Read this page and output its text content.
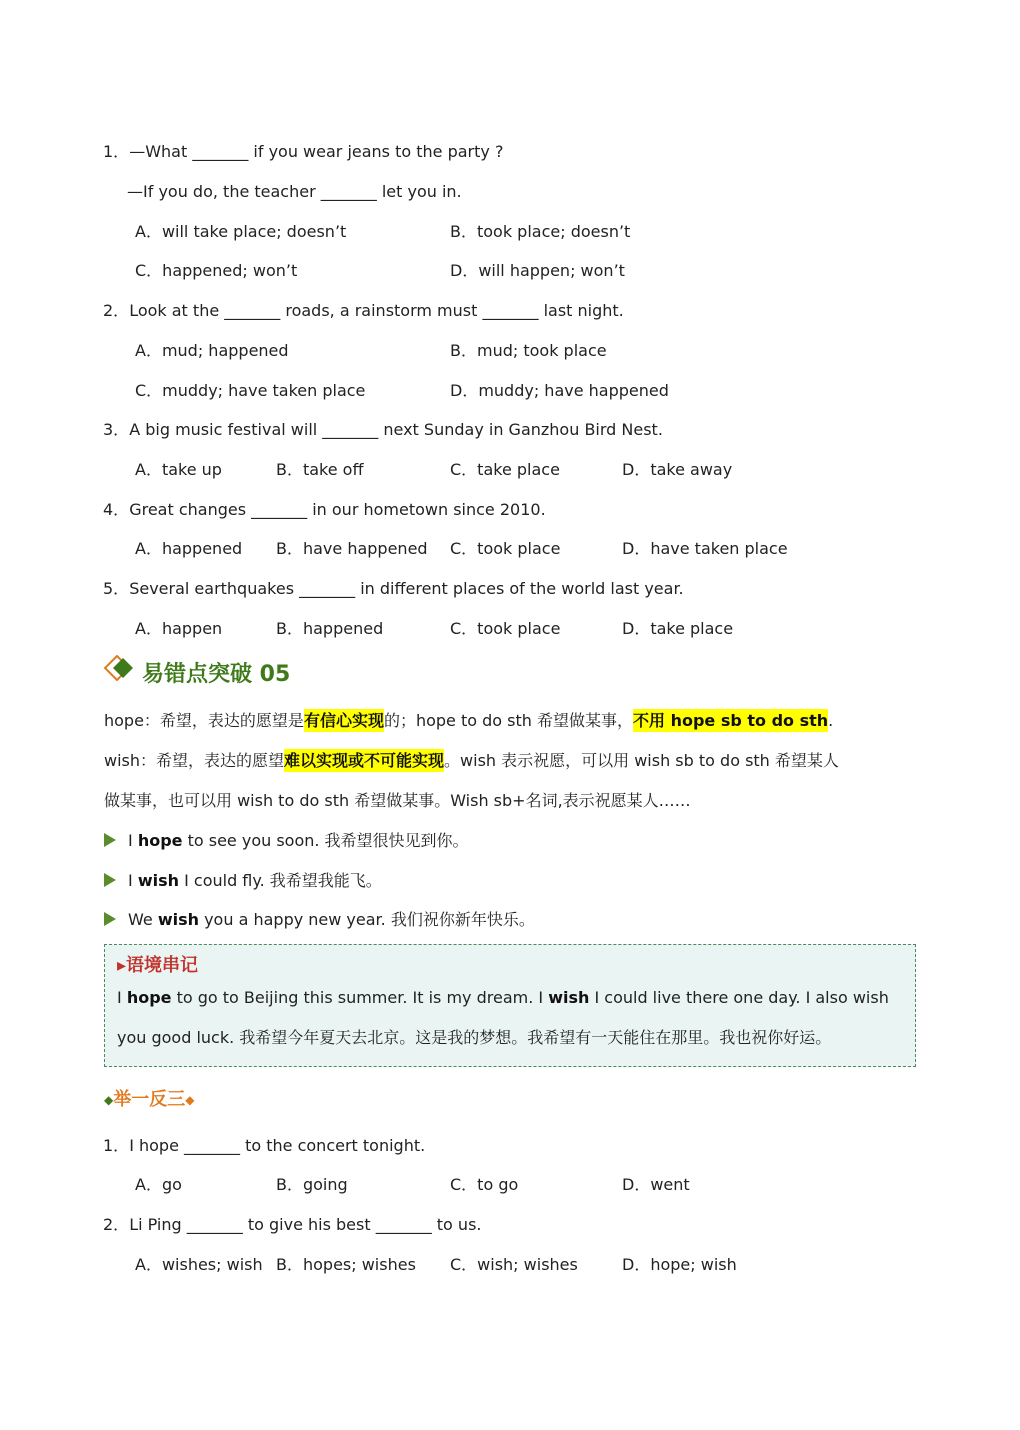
1．—What _______ if you wear jeans to the party ?
—If you do, the teacher _______ let you in.
A．will take place; doesn’t	B．took place; doesn’t
C．happened; won’t	D．will happen; won’t
2．Look at the _______ roads, a rainstorm must _______ last night.
A．mud; happened	B．mud; took place
C．muddy; have taken place	D．muddy; have happened
3．A big music festival will _______ next Sunday in Ganzhou Bird Nest.
A．take up	B．take off	C．take place	D．take away
4．Great changes _______ in our hometown since 2010.
A．happened B．have happened C．took place	D．have taken place
5．Several earthquakes _______ in different places of the world last year.
A．happen	B．happened	C．took place	D．take place
易错点突破 05
hope：希望，表达的愿望是有信心实现的；hope to do sth 希望做某事，不用 hope sb to do sth.
wish：希望，表达的愿望难以实现或不可能实现。wish 表示祝愿，可以用 wish sb to do sth 希望某人
做某事，也可以用 wish to do sth 希望做某事。Wish sb+名词,表示祝愿某人……
I hope to see you soon. 我希望很快见到你。
I wish I could fly. 我希望我能飞。
We wish you a happy new year. 我们祝你新年快乐。
▸语境串记
I hope to go to Beijing this summer. It is my dream. I wish I could live there one day. I also wish
you good luck. 我希望今年夏天去北京。这是我的梦想。我希望有一天能住在那里。我也祝你好运。
◆举一反三◆
1．I hope _______ to the concert tonight.
A．go	B．going	C．to go	D．went
2．Li Ping _______ to give his best _______ to us.
A．wishes; wish B．hopes; wishes C．wish; wishes	D．hope; wish
